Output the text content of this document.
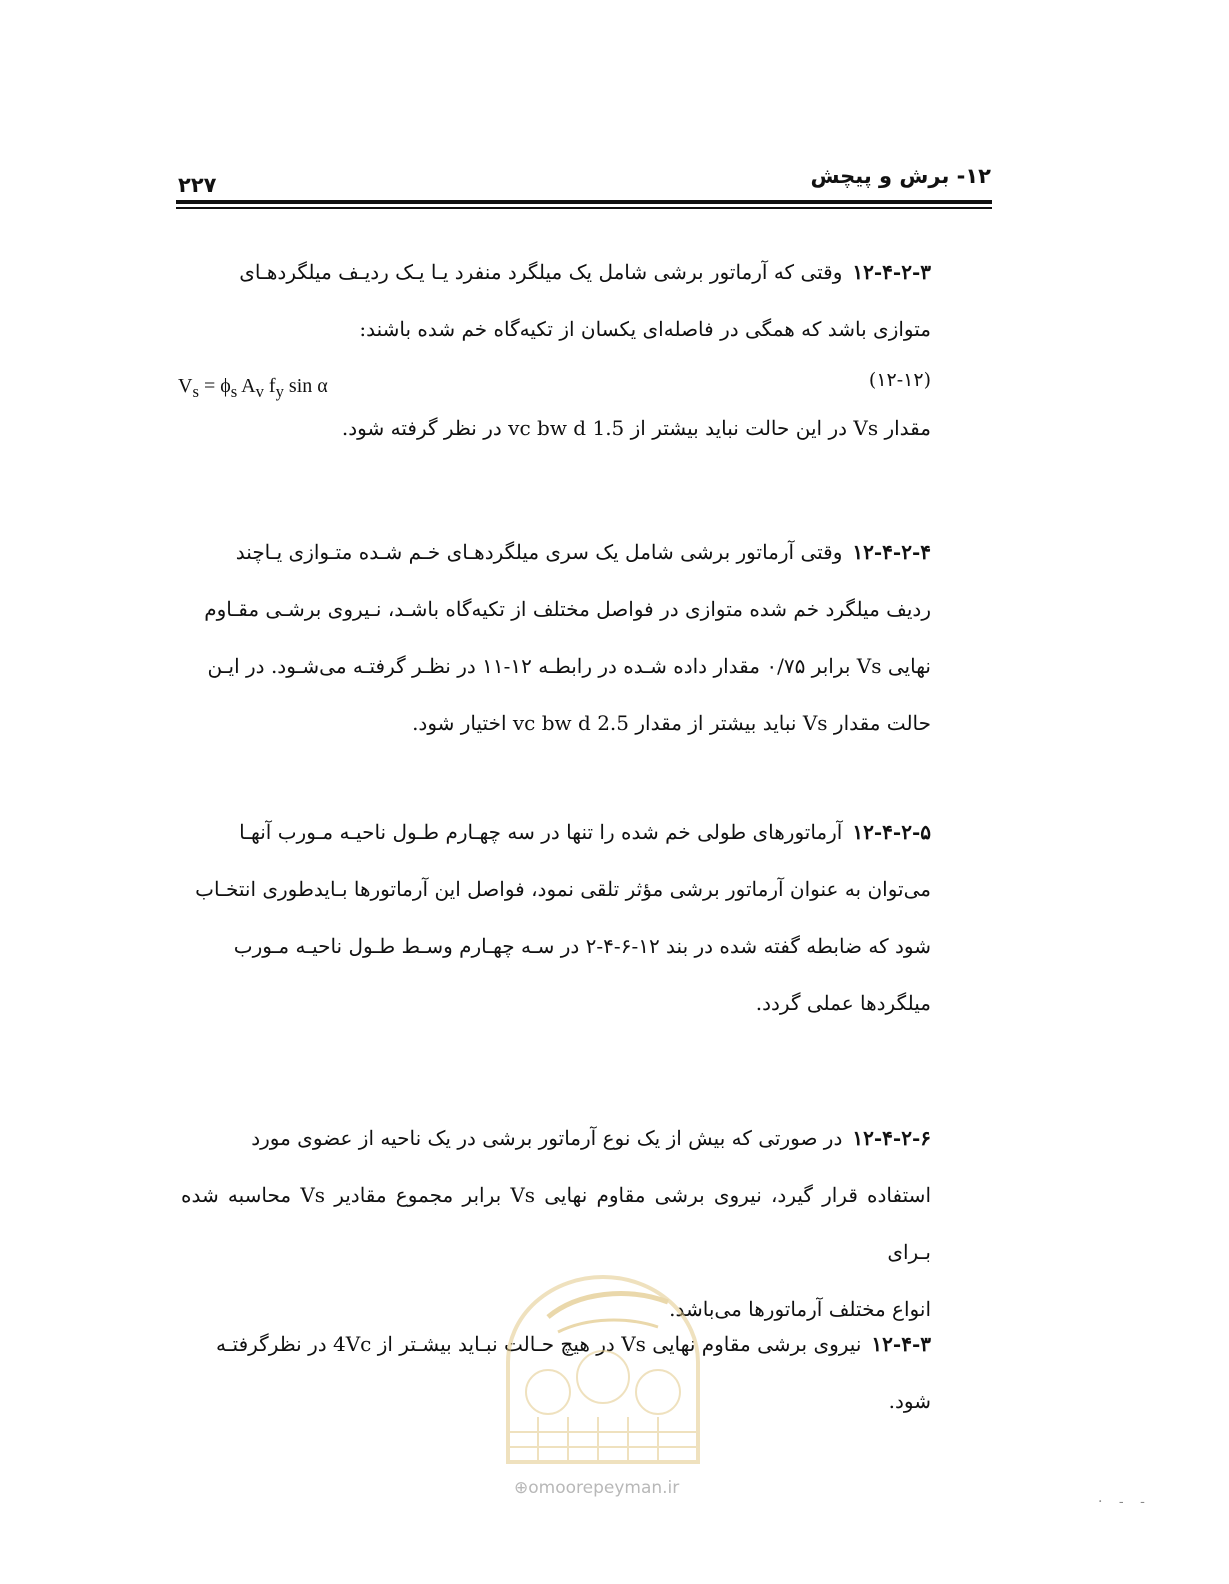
۱۲- برش و پیچش
۲۲۷
۱۲-۴-۲-۳وقتی که آرماتور برشی شامل یک میلگرد منفرد یـا یـک ردیـف میلگردهـای
متوازی باشد که همگی در فاصله‌ای یکسان از تکیه‌گاه خم شده باشند:
$V_s = \phi_s$ $A_v$ $f_y$ sin α	(۱۲-۱۲)
مقدار Vs در این حالت نباید بیشتر از 1.5 vc bw d در نظر گرفته شود.
۱۲-۴-۲-۴وقتی آرماتور برشی شامل یک سری میلگردهـای خـم شـده متـوازی یـاچند
ردیف میلگرد خم شده متوازی در فواصل مختلف از تکیه‌گاه باشـد، نـیروی برشـی مقـاوم
نهایی Vs برابر ۰/۷۵ مقدار داده شـده در رابطـه ۱۲-۱۱ در نظـر گرفتـه می‌شـود. در ایـن
حالت مقدار Vs نباید بیشتر از مقدار 2.5 vc bw d اختیار شود.
۱۲-۴-۲-۵آرماتورهای طولی خم شده را تنها در سه چهـارم طـول ناحیـه مـورب آنهـا
می‌توان به عنوان آرماتور برشی مؤثر تلقی نمود، فواصل این آرماتورها بـایدطوری انتخـاب
شود که ضابطه گفته شده در بند ۱۲-۶-۴-۲ در سـه چهـارم وسـط طـول ناحیـه مـورب
میلگردها عملی گردد.
۱۲-۴-۲-۶در صورتی که بیش از یک نوع آرماتور برشی در یک ناحیه از عضوی مورد
استفاده قرار گیرد، نیروی برشی مقاوم نهایی Vs برابر مجموع مقادیر Vs محاسبه شده بـرای
انواع مختلف آرماتورها می‌باشد.
۱۲-۴-۳نیروی برشی مقاوم نهایی Vs در هیچ حـالت نبـاید بیشـتر از 4Vc در نظرگرفتـه
شود.
⊕omoorepeyman.ir
· - -
